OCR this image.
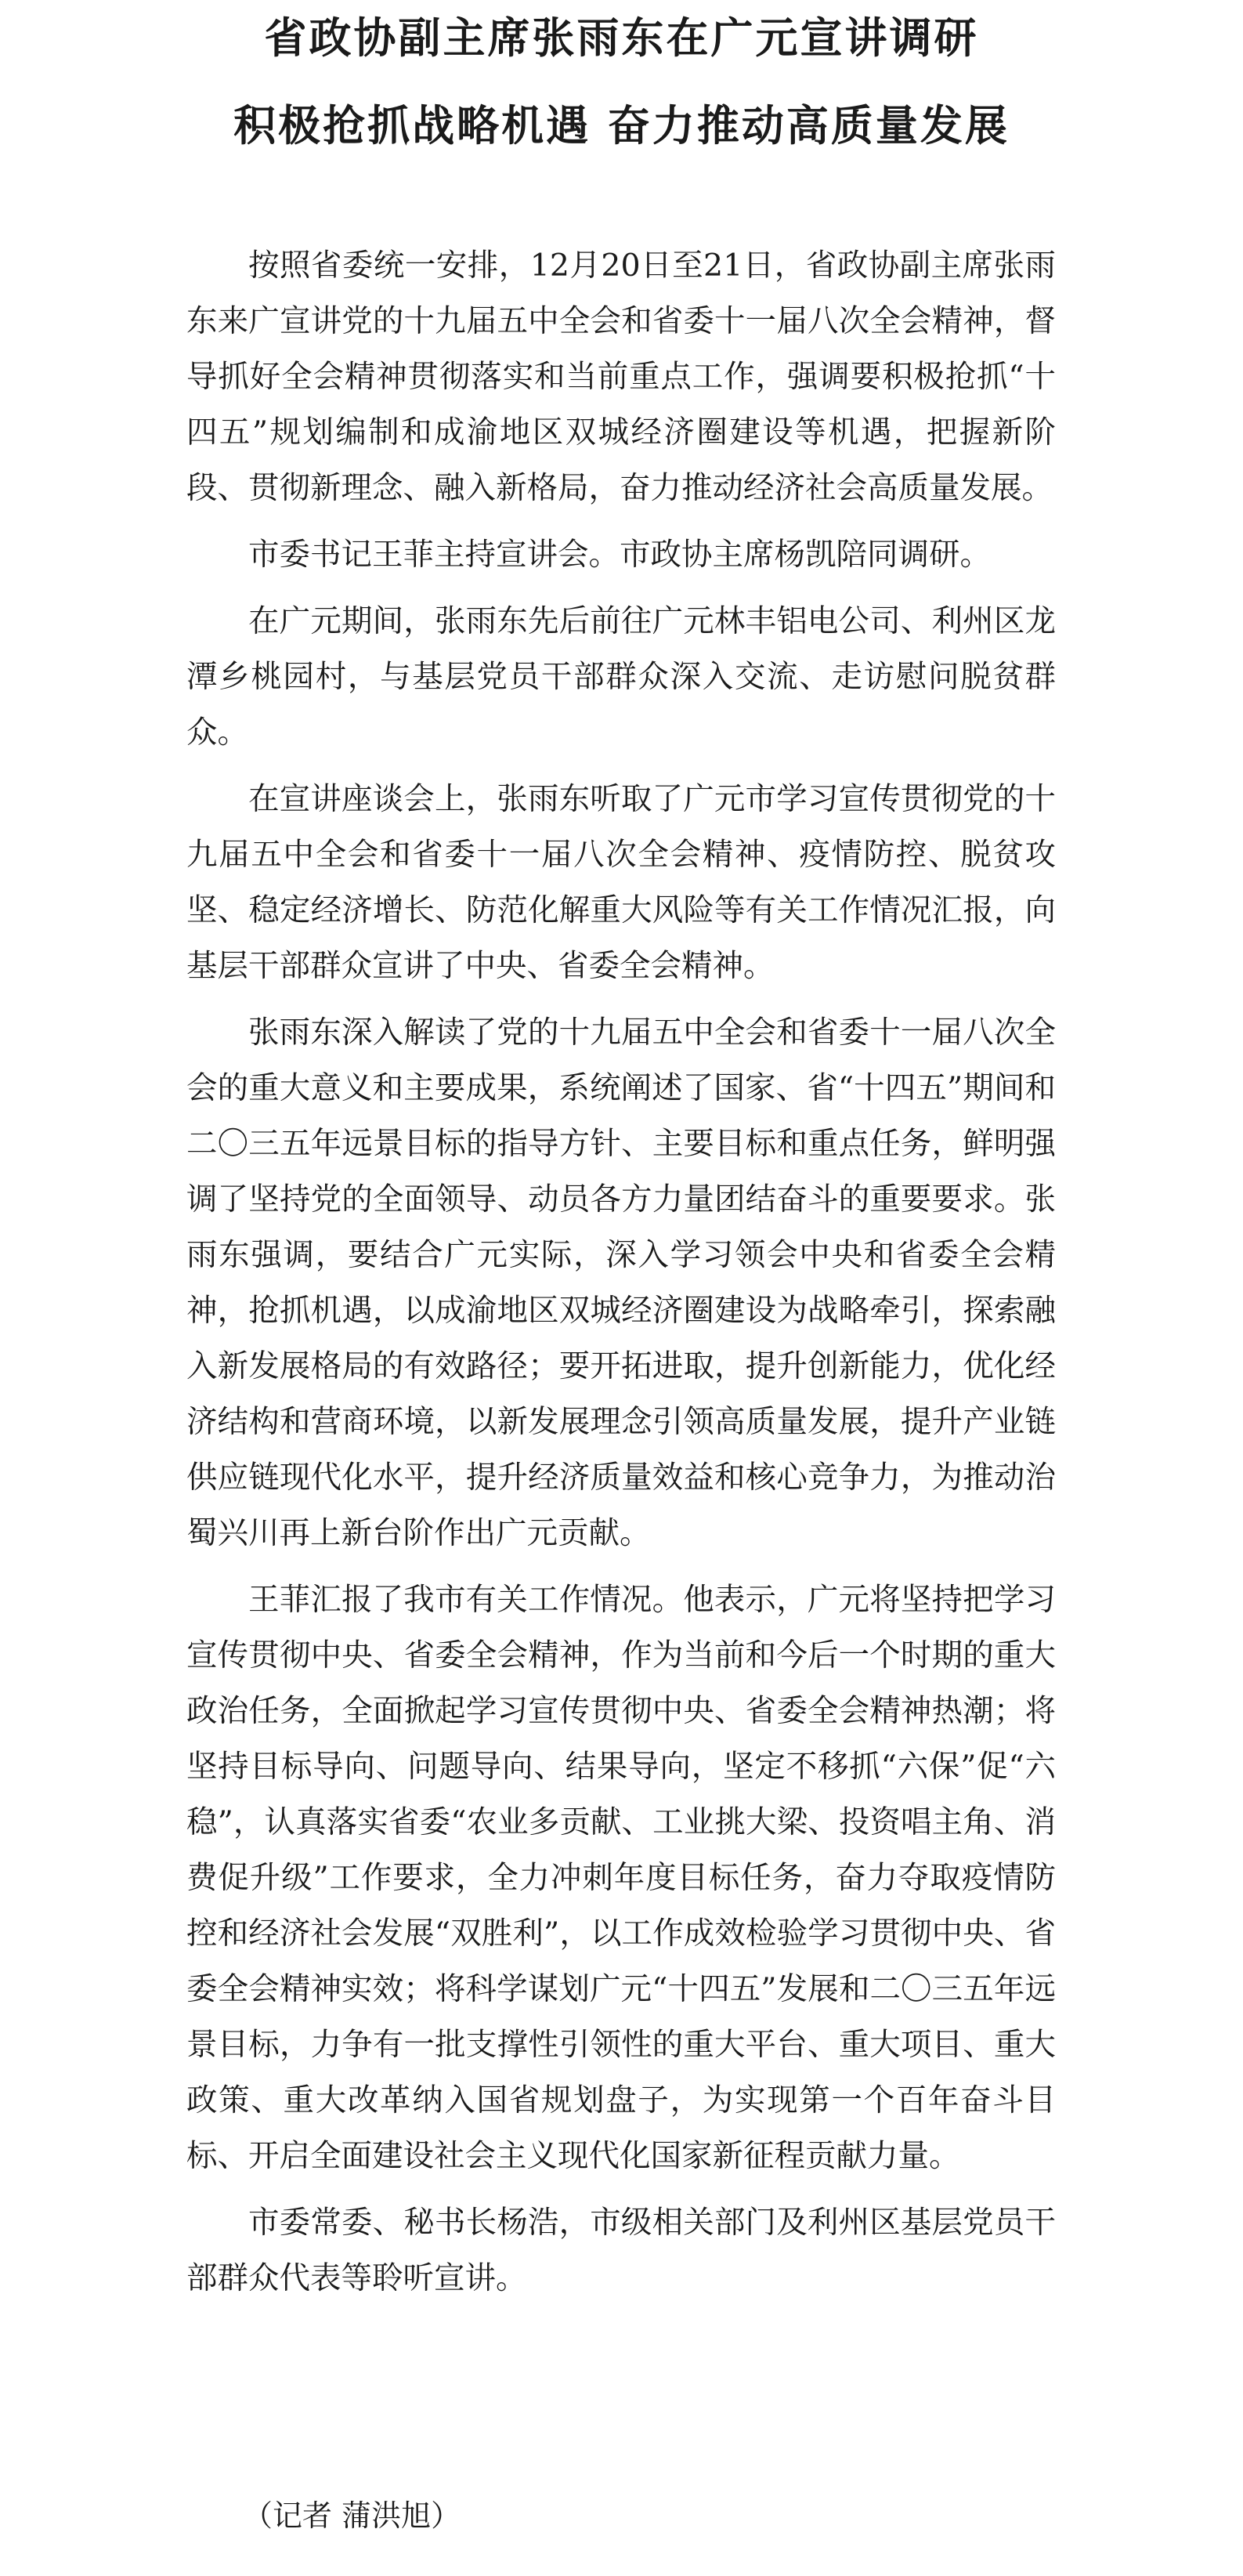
省政协副主席张雨东在广元宣讲调研
积极抢抓战略机遇 奋力推动高质量发展

按照省委统一安排，12月20日至21日，省政协副主席张雨东来广宣讲党的十九届五中全会和省委十一届八次全会精神，督导抓好全会精神贯彻落实和当前重点工作，强调要积极抢抓“十四五”规划编制和成渝地区双城经济圈建设等机遇，把握新阶段、贯彻新理念、融入新格局，奋力推动经济社会高质量发展。

市委书记王菲主持宣讲会。市政协主席杨凯陪同调研。

在广元期间，张雨东先后前往广元林丰铝电公司、利州区龙潭乡桃园村，与基层党员干部群众深入交流、走访慰问脱贫群众。

在宣讲座谈会上，张雨东听取了广元市学习宣传贯彻党的十九届五中全会和省委十一届八次全会精神、疫情防控、脱贫攻坚、稳定经济增长、防范化解重大风险等有关工作情况汇报，向基层干部群众宣讲了中央、省委全会精神。

张雨东深入解读了党的十九届五中全会和省委十一届八次全会的重大意义和主要成果，系统阐述了国家、省“十四五”期间和二〇三五年远景目标的指导方针、主要目标和重点任务，鲜明强调了坚持党的全面领导、动员各方力量团结奋斗的重要要求。张雨东强调，要结合广元实际，深入学习领会中央和省委全会精神，抢抓机遇，以成渝地区双城经济圈建设为战略牵引，探索融入新发展格局的有效路径；要开拓进取，提升创新能力，优化经济结构和营商环境，以新发展理念引领高质量发展，提升产业链供应链现代化水平，提升经济质量效益和核心竞争力，为推动治蜀兴川再上新台阶作出广元贡献。

王菲汇报了我市有关工作情况。他表示，广元将坚持把学习宣传贯彻中央、省委全会精神，作为当前和今后一个时期的重大政治任务，全面掀起学习宣传贯彻中央、省委全会精神热潮；将坚持目标导向、问题导向、结果导向，坚定不移抓“六保”促“六稳”，认真落实省委“农业多贡献、工业挑大梁、投资唱主角、消费促升级”工作要求，全力冲刺年度目标任务，奋力夺取疫情防控和经济社会发展“双胜利”，以工作成效检验学习贯彻中央、省委全会精神实效；将科学谋划广元“十四五”发展和二〇三五年远景目标，力争有一批支撑性引领性的重大平台、重大项目、重大政策、重大改革纳入国省规划盘子，为实现第一个百年奋斗目标、开启全面建设社会主义现代化国家新征程贡献力量。

市委常委、秘书长杨浩，市级相关部门及利州区基层党员干部群众代表等聆听宣讲。

（记者 蒲洪旭）
